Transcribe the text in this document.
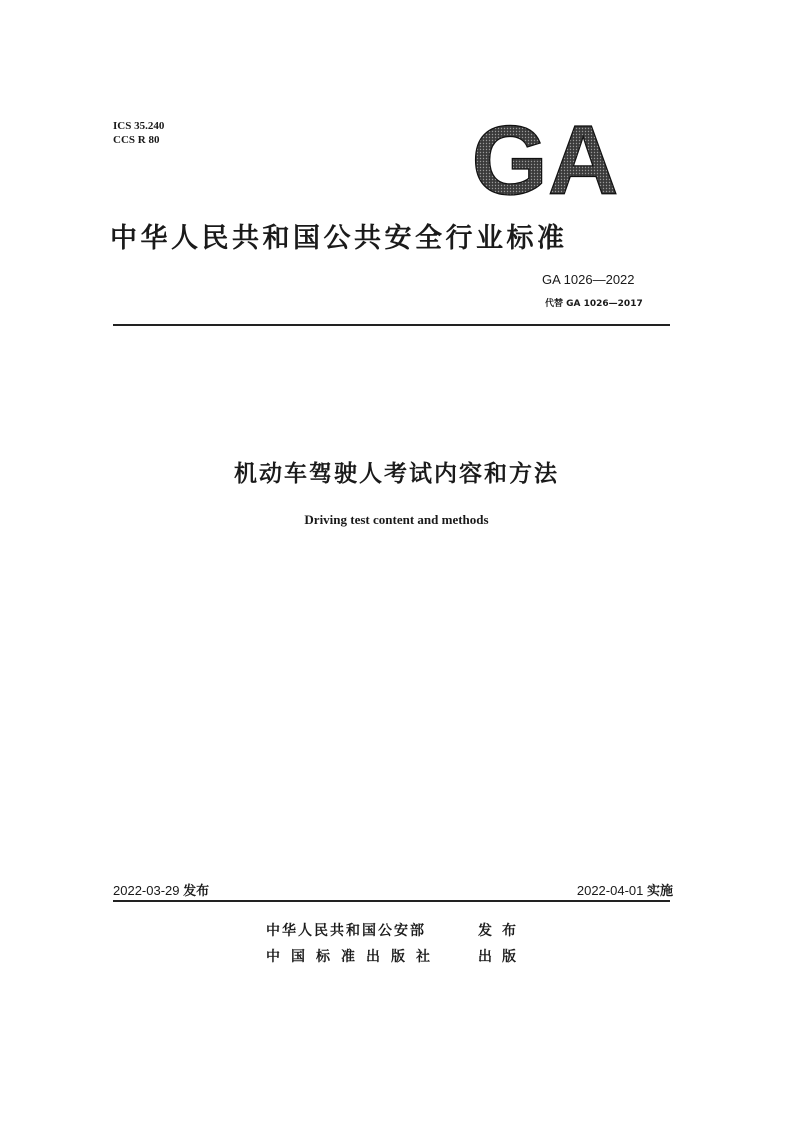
ICS 35.240
CCS R 80	GA
中华人民共和国公共安全行业标准
GA 1026—2022
代替 GA 1026—2017
机动车驾驶人考试内容和方法
Driving test content and methods
2022-03-29 发布	2022-04-01 实施
中华人民共和国公安部	发布
中国标准出版社	出版
